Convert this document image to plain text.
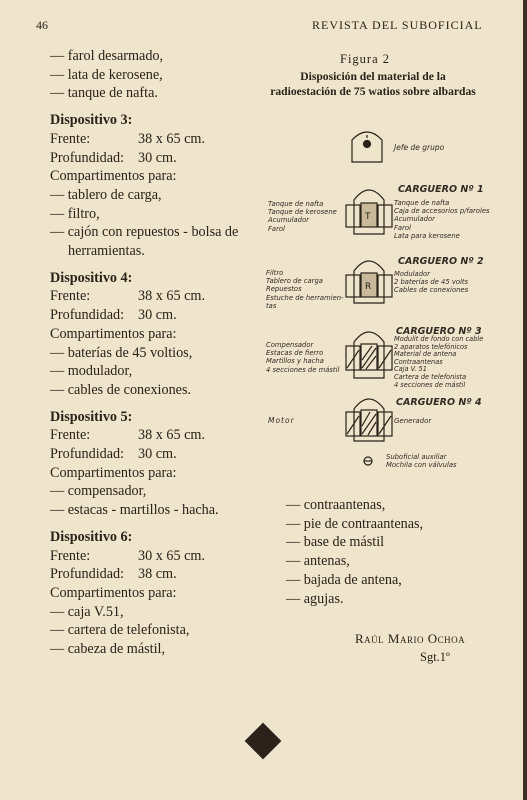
46	REVISTA DEL SUBOFICIAL
— farol desarmado,
— lata de kerosene,
— tanque de nafta.
Dispositivo 3:
Frente:	38 x 65 cm.
Profundidad: 30 cm.
Compartimentos para:
— tablero de carga,
— filtro,
— cajón con repuestos - bolsa de
herramientas.
Dispositivo 4:
Frente:	38 x 65 cm.
Profundidad: 30 cm.
Compartimentos para:
— baterías de 45 voltios,
— modulador,
— cables de conexiones.
Dispositivo 5:
Frente:	38 x 65 cm.
Profundidad: 30 cm.
Compartimentos para:
— compensador,
— estacas - martillos - hacha.
Dispositivo 6:
Frente:	30 x 65 cm.
Profundidad: 38 cm.
Compartimentos para:
— caja V.51,
— cartera de telefonista,
— cabeza de mástil,
Figura 2
Disposición del material de la radioestación de 75 watios sobre albardas
T
R
Jefe de grupo
CARGUERO Nº 1
Tanque de nafta
Tanque de kerosene
Acumulador
Farol
Tanque de nafta
Caja de accesorios p/faroles
Acumulador
Farol
Lata para kerosene
CARGUERO Nº 2
Filtro
Tablero de carga
Repuestos
Estuche de herramien-
tas
Modulador
2 baterías de 45 volts
Cables de conexiones
CARGUERO Nº 3
Compensador
Estacas de fierro
Martillos y hacha
4 secciones de mástil
Modulit de fondo con cable
2 aparatos telefónicos
Material de antena
Contraantenas
Caja V. 51
Cartera de telefonista
4 secciones de mástil
CARGUERO Nº 4
Motor	Generador
Suboficial auxiliar
Mochila con válvulas
— contraantenas,
— pie de contraantenas,
— base de mástil
— antenas,
— bajada de antena,
— agujas.
Raúl Mario Ochoa
Sgt.1º
